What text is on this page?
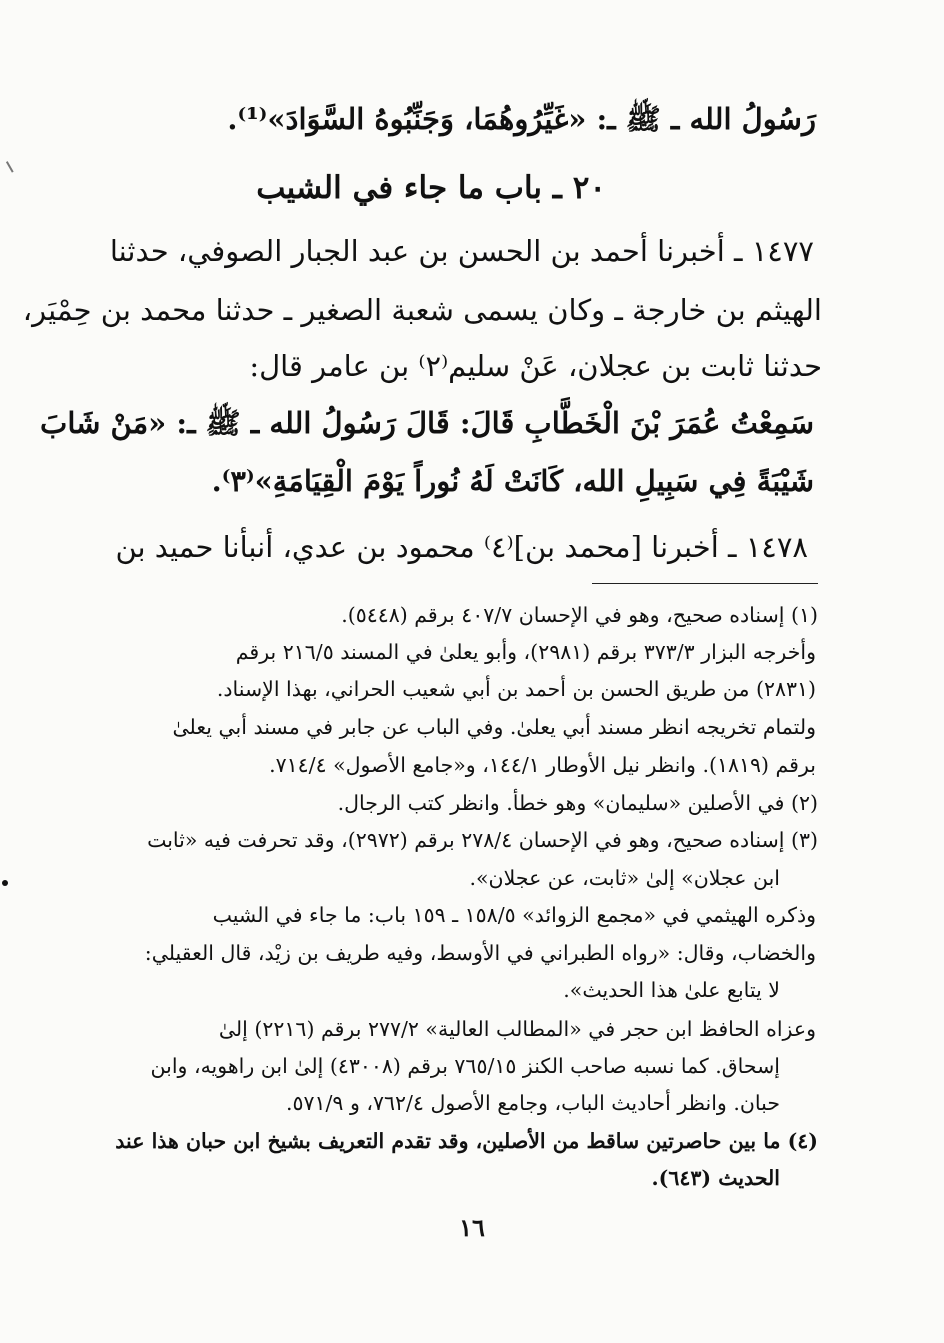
رَسُولُ الله ـ ﷺ ـ: «غَيِّرُوهُمَا، وَجَنِّبُوهُ السَّوَادَ»⁽¹⁾.
٢٠ ـ باب ما جاء في الشيب
١٤٧٧ ـ أخبرنا أحمد بن الحسن بن عبد الجبار الصوفي، حدثنا
الهيثم بن خارجة ـ وكان يسمى شعبة الصغير ـ حدثنا محمد بن حِمْيَر،
حدثنا ثابت بن عجلان، عَنْ سليم⁽٢⁾ بن عامر قال:
سَمِعْتُ عُمَرَ بْنَ الْخَطَّابِ قَالَ: قَالَ رَسُولُ الله ـ ﷺ ـ: «مَنْ شَابَ
شَيْبَةً فِي سَبِيلِ الله، كَانَتْ لَهُ نُوراً يَوْمَ الْقِيَامَةِ»⁽٣⁾.
١٤٧٨ ـ أخبرنا [محمد بن]⁽٤⁾ محمود بن عدي، أنبأنا حميد بن
(١) إسناده صحيح، وهو في الإحسان ٤٠٧/٧ برقم (٥٤٤٨).
وأخرجه البزار ٣٧٣/٣ برقم (٢٩٨١)، وأبو يعلىٰ في المسند ٢١٦/٥ برقم
(٢٨٣١) من طريق الحسن بن أحمد بن أبي شعيب الحراني، بهذا الإسناد.
ولتمام تخريجه انظر مسند أبي يعلىٰ. وفي الباب عن جابر في مسند أبي يعلىٰ
برقم (١٨١٩). وانظر نيل الأوطار ١٤٤/١، و«جامع الأصول» ٧١٤/٤.
(٢) في الأصلين «سليمان» وهو خطأ. وانظر كتب الرجال.
(٣) إسناده صحيح، وهو في الإحسان ٢٧٨/٤ برقم (٢٩٧٢)، وقد تحرفت فيه «ثابت
ابن عجلان» إلىٰ «ثابت، عن عجلان».
وذكره الهيثمي في «مجمع الزوائد» ١٥٨/٥ ـ ١٥٩ باب: ما جاء في الشيب
والخضاب، وقال: «رواه الطبراني في الأوسط، وفيه طريف بن زيْد، قال العقيلي:
لا يتابع علىٰ هذا الحديث».
وعزاه الحافظ ابن حجر في «المطالب العالية» ٢٧٧/٢ برقم (٢٢١٦) إلىٰ
إسحاق. كما نسبه صاحب الكنز ٧٦٥/١٥ برقم (٤٣٠٠٨) إلىٰ ابن راهويه، وابن
حبان. وانظر أحاديث الباب، وجامع الأصول ٧٦٢/٤، و ٥٧١/٩.
(٤) ما بين حاصرتين ساقط من الأصلين، وقد تقدم التعريف بشيخ ابن حبان هذا عند
الحديث (٦٤٣).
١٦
